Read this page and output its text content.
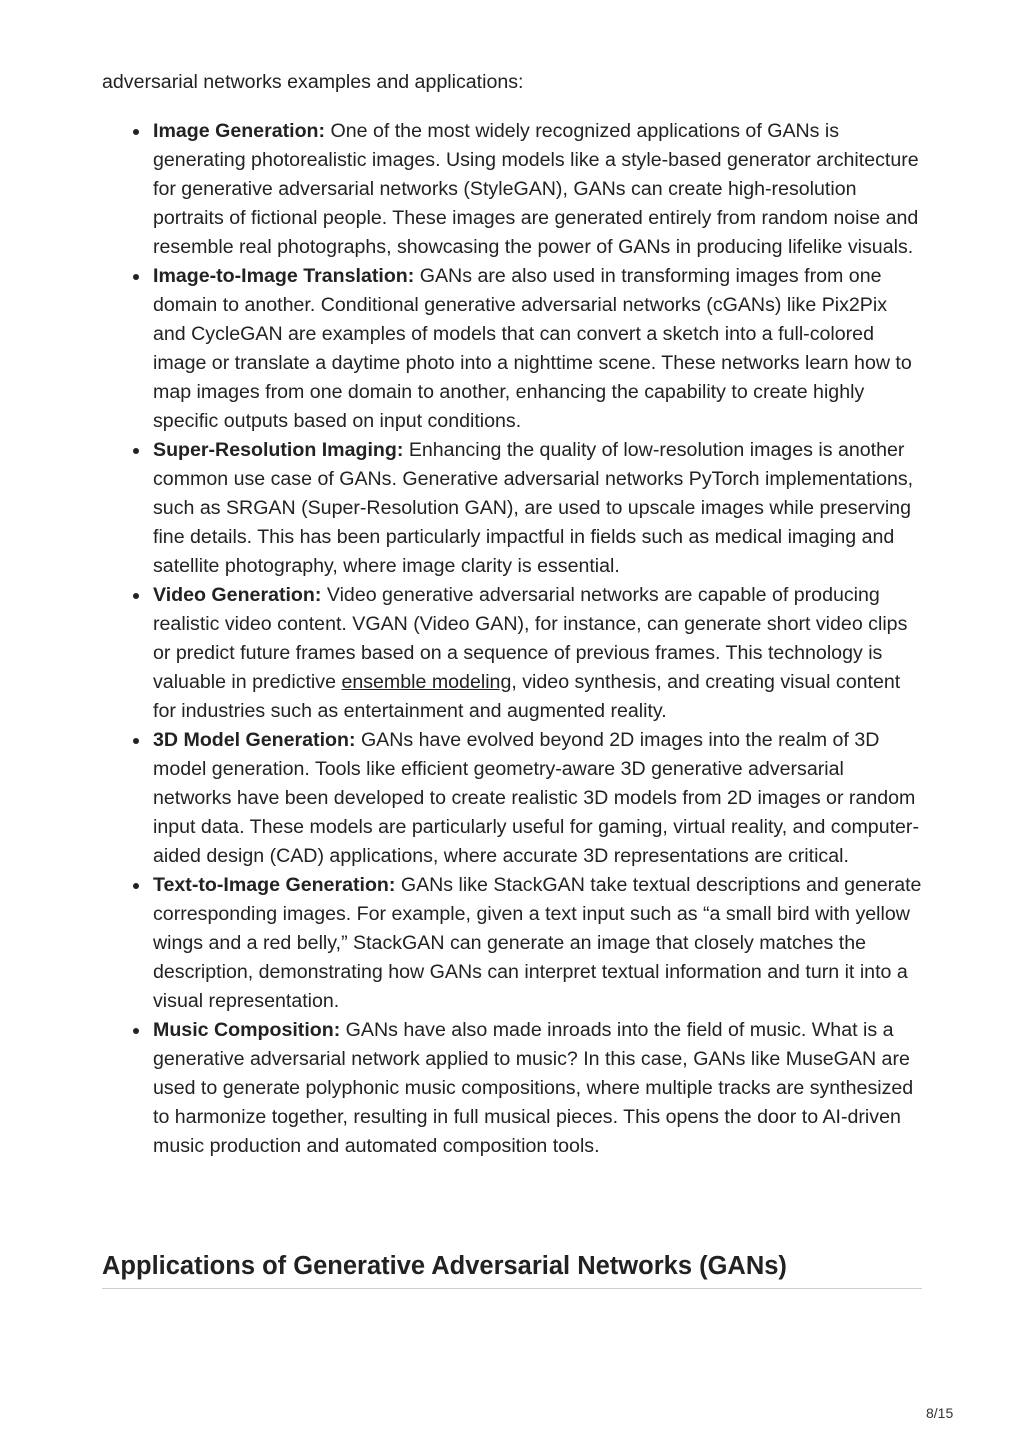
adversarial networks examples and applications:

Image Generation: One of the most widely recognized applications of GANs is generating photorealistic images. Using models like a style-based generator architecture for generative adversarial networks (StyleGAN), GANs can create high-resolution portraits of fictional people. These images are generated entirely from random noise and resemble real photographs, showcasing the power of GANs in producing lifelike visuals.
Image-to-Image Translation: GANs are also used in transforming images from one domain to another. Conditional generative adversarial networks (cGANs) like Pix2Pix and CycleGAN are examples of models that can convert a sketch into a full-colored image or translate a daytime photo into a nighttime scene. These networks learn how to map images from one domain to another, enhancing the capability to create highly specific outputs based on input conditions.
Super-Resolution Imaging: Enhancing the quality of low-resolution images is another common use case of GANs. Generative adversarial networks PyTorch implementations, such as SRGAN (Super-Resolution GAN), are used to upscale images while preserving fine details. This has been particularly impactful in fields such as medical imaging and satellite photography, where image clarity is essential.
Video Generation: Video generative adversarial networks are capable of producing realistic video content. VGAN (Video GAN), for instance, can generate short video clips or predict future frames based on a sequence of previous frames. This technology is valuable in predictive ensemble modeling, video synthesis, and creating visual content for industries such as entertainment and augmented reality.
3D Model Generation: GANs have evolved beyond 2D images into the realm of 3D model generation. Tools like efficient geometry-aware 3D generative adversarial networks have been developed to create realistic 3D models from 2D images or random input data. These models are particularly useful for gaming, virtual reality, and computer-aided design (CAD) applications, where accurate 3D representations are critical.
Text-to-Image Generation: GANs like StackGAN take textual descriptions and generate corresponding images. For example, given a text input such as “a small bird with yellow wings and a red belly,” StackGAN can generate an image that closely matches the description, demonstrating how GANs can interpret textual information and turn it into a visual representation.
Music Composition: GANs have also made inroads into the field of music. What is a generative adversarial network applied to music? In this case, GANs like MuseGAN are used to generate polyphonic music compositions, where multiple tracks are synthesized to harmonize together, resulting in full musical pieces. This opens the door to AI-driven music production and automated composition tools.
Applications of Generative Adversarial Networks (GANs)
8/15
